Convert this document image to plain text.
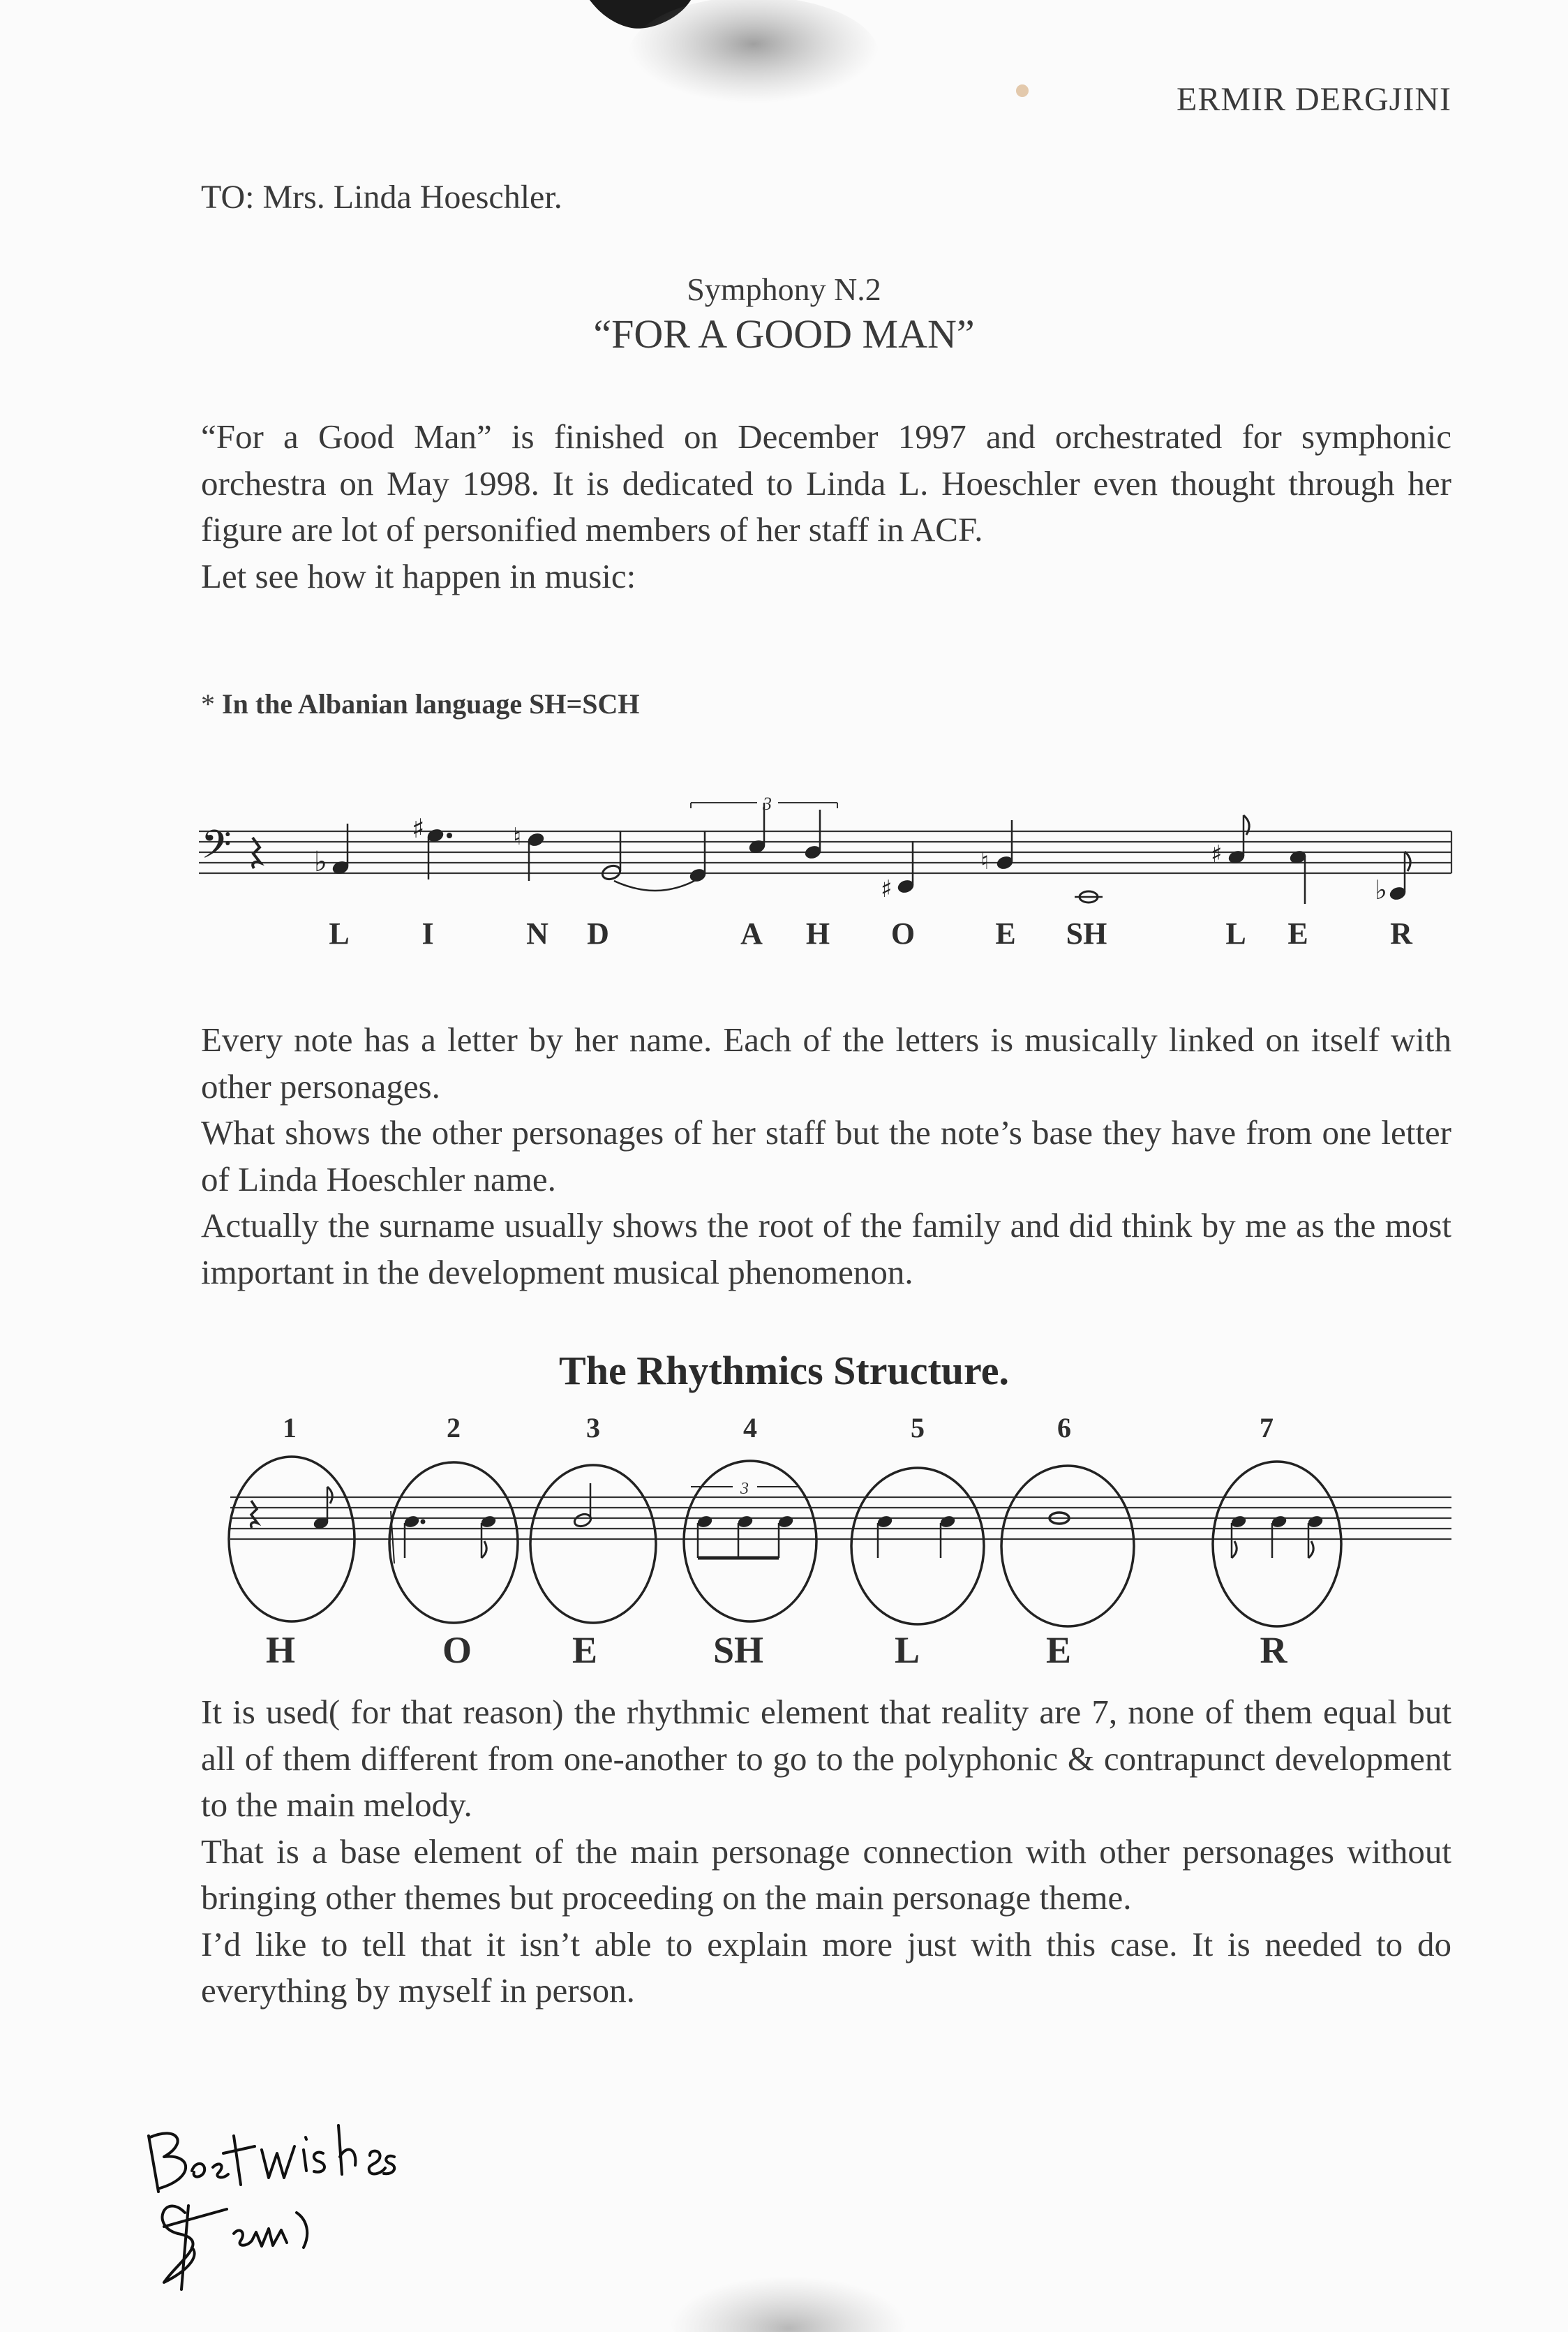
ERMIR DERGJINI
TO: Mrs. Linda Hoeschler.
Symphony N.2
“FOR A GOOD MAN”

“For a Good Man” is finished on December 1997 and orchestrated for symphonic orchestra on May 1998. It is dedicated to Linda L. Hoeschler even thought through her figure are lot of personified members of her staff in ACF.

Let see how it happen in music:

* In the Albanian language SH=SCH
𝄢	♭
♯	♮
♯
♮	♯
♭
3
L I	N D	A H O	E SH	L E	R

Every note has a letter by her name. Each of the letters is musically linked on itself with other personages.

What shows the other personages of her staff but the note’s base they have from one letter of Linda Hoeschler name.

Actually the surname usually shows the root of the family and did think by me as the most important in the development musical phenomenon.

The Rhythmics Structure.
1	2	3	4	5	6	7
3
H	O	E	SH	L	E	R

It is used( for that reason) the rhythmic element that reality are 7, none of them equal but all of them different from one-another to go to the polyphonic & contrapunct development to the main melody.

That is a base element of the main personage connection with other personages without bringing other themes but proceeding on the main personage theme.

I’d like to tell that it isn’t able to explain more just with this case. It is needed to do everything by myself in person.
